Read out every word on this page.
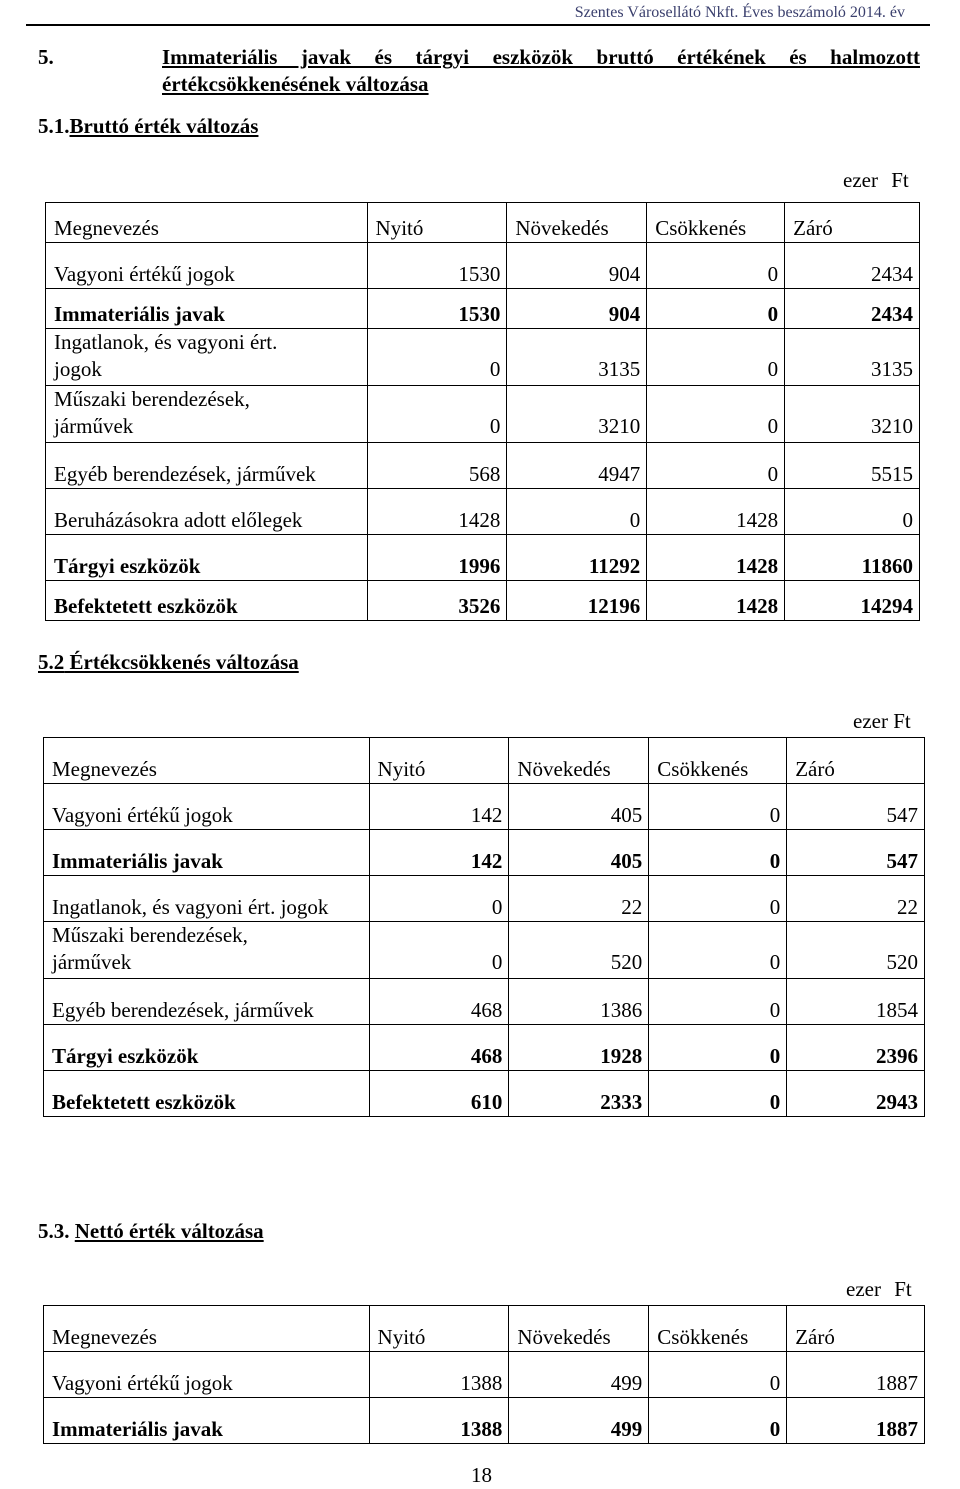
Szentes Városellátó Nkft. Éves beszámoló 2014. év
5.	Immateriális javak és tárgyi eszközök bruttó értékének és halmozott
értékcsökkenésének változása
5.1.Bruttó érték változás
ezer Ft
Megnevezés	Nyitó	Növekedés	Csökkenés	Záró
Vagyoni értékű jogok	1530	904	0	2434
Immateriális javak	1530	904	0	2434
Ingatlanok, és vagyoni ért.
jogok	0	3135	0	3135
Műszaki berendezések,
járművek	0	3210	0	3210
Egyéb berendezések, járművek	568	4947	0	5515
Beruházásokra adott előlegek	1428	0	1428	0
Tárgyi eszközök	1996	11292	1428	11860
Befektetett eszközök	3526	12196	1428	14294
5.2 Értékcsökkenés változása
ezer Ft
Megnevezés	Nyitó	Növekedés	Csökkenés	Záró
Vagyoni értékű jogok	142	405	0	547
Immateriális javak	142	405	0	547
Ingatlanok, és vagyoni ért. jogok	0	22	0	22
Műszaki berendezések,
járművek	0	520	0	520
Egyéb berendezések, járművek	468	1386	0	1854
Tárgyi eszközök	468	1928	0	2396
Befektetett eszközök	610	2333	0	2943
5.3. Nettó érték változása
ezer Ft
Megnevezés	Nyitó	Növekedés	Csökkenés	Záró
Vagyoni értékű jogok	1388	499	0	1887
Immateriális javak	1388	499	0	1887
18
